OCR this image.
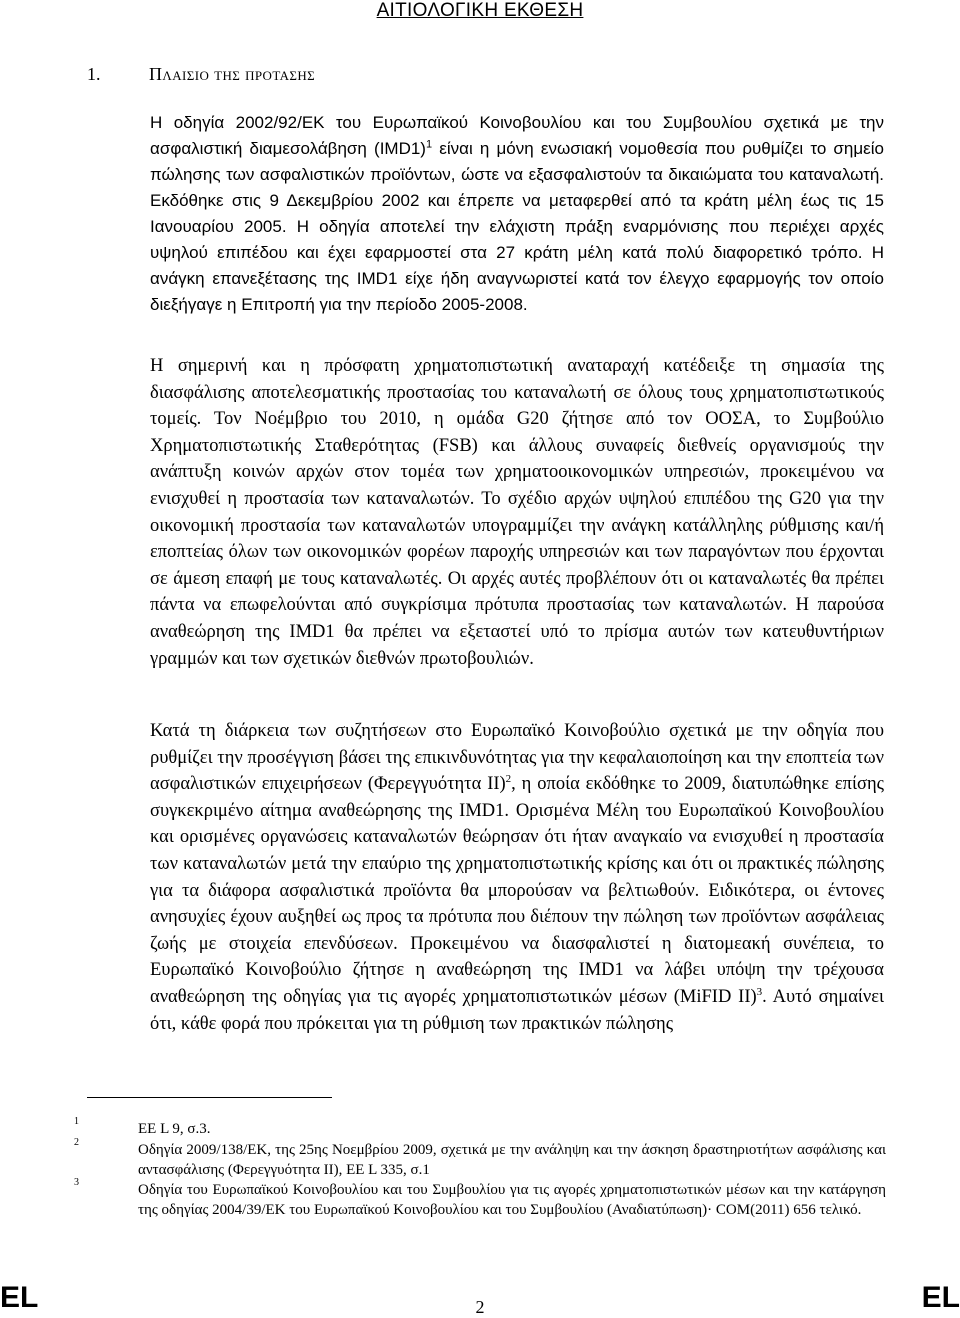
ΑΙΤΙΟΛΟΓΙΚΗ ΕΚΘΕΣΗ
1.	Πλαισιο της προτασης

Η οδηγία 2002/92/ΕΚ του Ευρωπαϊκού Κοινοβουλίου και του Συμβουλίου σχετικά με την ασφαλιστική διαμεσολάβηση $(IMD1)^1$ είναι η μόνη ενωσιακή νομοθεσία που ρυθμίζει το σημείο πώλησης των ασφαλιστικών προϊόντων, ώστε να εξασφαλιστούν τα δικαιώματα του καταναλωτή. Εκδόθηκε στις 9 Δεκεμβρίου 2002 και έπρεπε να μεταφερθεί από τα κράτη μέλη έως τις 15 Ιανουαρίου 2005. Η οδηγία αποτελεί την ελάχιστη πράξη εναρμόνισης που περιέχει αρχές υψηλού επιπέδου και έχει εφαρμοστεί στα 27 κράτη μέλη κατά πολύ διαφορετικό τρόπο. Η ανάγκη επανεξέτασης της IMD1 είχε ήδη αναγνωριστεί κατά τον έλεγχο εφαρμογής τον οποίο διεξήγαγε η Επιτροπή για την περίοδο 2005-2008.

Η σημερινή και η πρόσφατη χρηματοπιστωτική αναταραχή κατέδειξε τη σημασία της διασφάλισης αποτελεσματικής προστασίας του καταναλωτή σε όλους τους χρηματοπιστωτικούς τομείς. Τον Νοέμβριο του 2010, η ομάδα G20 ζήτησε από τον ΟΟΣΑ, το Συμβούλιο Χρηματοπιστωτικής Σταθερότητας (FSB) και άλλους συναφείς διεθνείς οργανισμούς την ανάπτυξη κοινών αρχών στον τομέα των χρηματοοικονομικών υπηρεσιών, προκειμένου να ενισχυθεί η προστασία των καταναλωτών. Το σχέδιο αρχών υψηλού επιπέδου της G20 για την οικονομική προστασία των καταναλωτών υπογραμμίζει την ανάγκη κατάλληλης ρύθμισης και/ή εποπτείας όλων των οικονομικών φορέων παροχής υπηρεσιών και των παραγόντων που έρχονται σε άμεση επαφή με τους καταναλωτές. Οι αρχές αυτές προβλέπουν ότι οι καταναλωτές θα πρέπει πάντα να επωφελούνται από συγκρίσιμα πρότυπα προστασίας των καταναλωτών. Η παρούσα αναθεώρηση της IMD1 θα πρέπει να εξεταστεί υπό το πρίσμα αυτών των κατευθυντήριων γραμμών και των σχετικών διεθνών πρωτοβουλιών.

Κατά τη διάρκεια των συζητήσεων στο Ευρωπαϊκό Κοινοβούλιο σχετικά με την οδηγία που ρυθμίζει την προσέγγιση βάσει της επικινδυνότητας για την κεφαλαιοποίηση και την εποπτεία των ασφαλιστικών επιχειρήσεων (Φερεγγυότητα ΙΙ)$^2$, η οποία εκδόθηκε το 2009, διατυπώθηκε επίσης συγκεκριμένο αίτημα αναθεώρησης της IMD1. Ορισμένα Μέλη του Ευρωπαϊκού Κοινοβουλίου και ορισμένες οργανώσεις καταναλωτών θεώρησαν ότι ήταν αναγκαίο να ενισχυθεί η προστασία των καταναλωτών μετά την επαύριο της χρηματοπιστωτικής κρίσης και ότι οι πρακτικές πώλησης για τα διάφορα ασφαλιστικά προϊόντα θα μπορούσαν να βελτιωθούν. Ειδικότερα, οι έντονες ανησυχίες έχουν αυξηθεί ως προς τα πρότυπα που διέπουν την πώληση των προϊόντων ασφάλειας ζωής με στοιχεία επενδύσεων. Προκειμένου να διασφαλιστεί η διατομεακή συνέπεια, το Ευρωπαϊκό Κοινοβούλιο ζήτησε η αναθεώρηση της IMD1 να λάβει υπόψη την τρέχουσα αναθεώρηση της οδηγίας για τις αγορές χρηματοπιστωτικών μέσων (MiFID ΙΙ)$^3$. Αυτό σημαίνει ότι, κάθε φορά που πρόκειται για τη ρύθμιση των πρακτικών πώλησης

1	ΕΕ L 9, σ.3.

2	Οδηγία 2009/138/ΕΚ, της 25ης Νοεμβρίου 2009, σχετικά με την ανάληψη και την άσκηση δραστηριοτήτων ασφάλισης και αντασφάλισης (Φερεγγυότητα ΙΙ), ΕΕ L 335, σ.1

3	Οδηγία του Ευρωπαϊκού Κοινοβουλίου και του Συμβουλίου για τις αγορές χρηματοπιστωτικών μέσων και την κατάργηση της οδηγίας 2004/39/ΕΚ του Ευρωπαϊκού Κοινοβουλίου και του Συμβουλίου (Αναδιατύπωση)· COM(2011) 656 τελικό.

EL	2	EL
